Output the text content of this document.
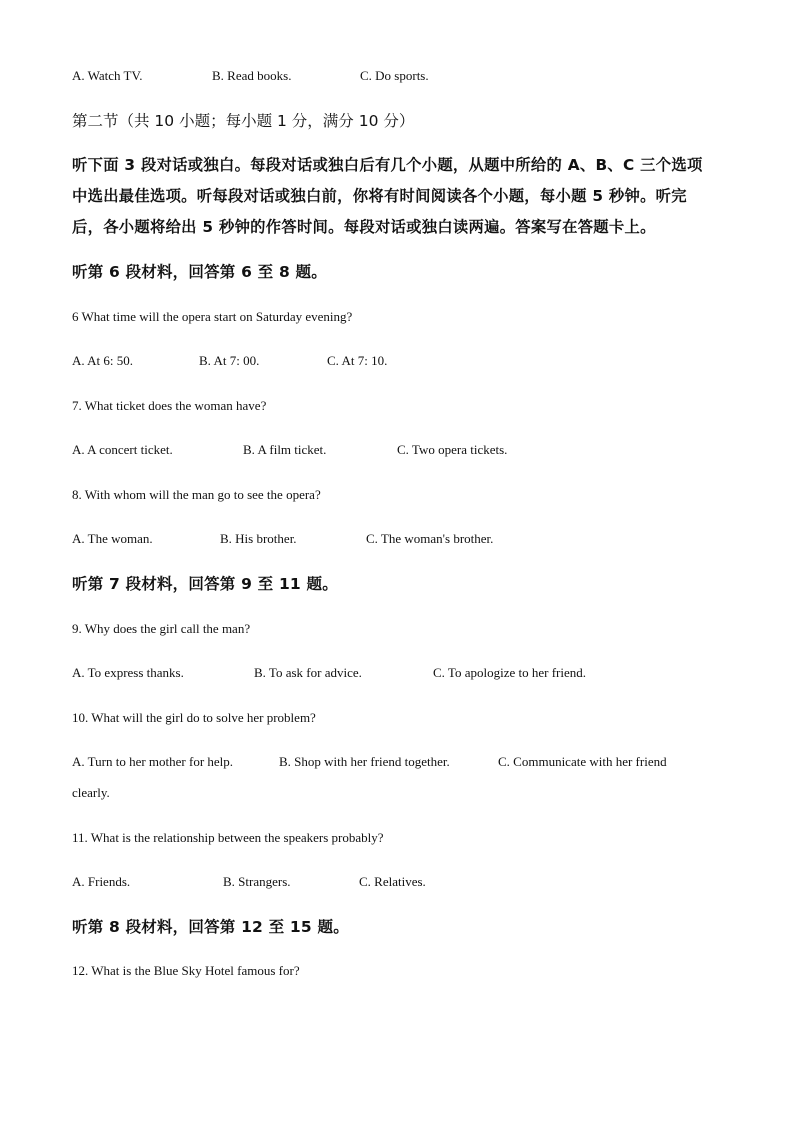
A. Watch TV.	B. Read books.	C. Do sports.
第二节（共 10 小题；每小题 1 分，满分 10 分）
听下面 3 段对话或独白。每段对话或独白后有几个小题，从题中所给的 A、B、C 三个选项
中选出最佳选项。听每段对话或独白前，你将有时间阅读各个小题，每小题 5 秒钟。听完
后，各小题将给出 5 秒钟的作答时间。每段对话或独白读两遍。答案写在答题卡上。
听第 6 段材料，回答第 6 至 8 题。
6 What time will the opera start on Saturday evening?
A. At 6: 50.	B. At 7: 00.	C. At 7: 10.
7. What ticket does the woman have?
A. A concert ticket.	B. A film ticket.	C. Two opera tickets.
8. With whom will the man go to see the opera?
A. The woman.	B. His brother.	C. The woman's brother.
听第 7 段材料，回答第 9 至 11 题。
9. Why does the girl call the man?
A. To express thanks.	B. To ask for advice.	C. To apologize to her friend.
10. What will the girl do to solve her problem?
A. Turn to her mother for help.	B. Shop with her friend together.	C. Communicate with her friend
clearly.
11. What is the relationship between the speakers probably?
A. Friends.	B. Strangers.	C. Relatives.
听第 8 段材料，回答第 12 至 15 题。
12. What is the Blue Sky Hotel famous for?
